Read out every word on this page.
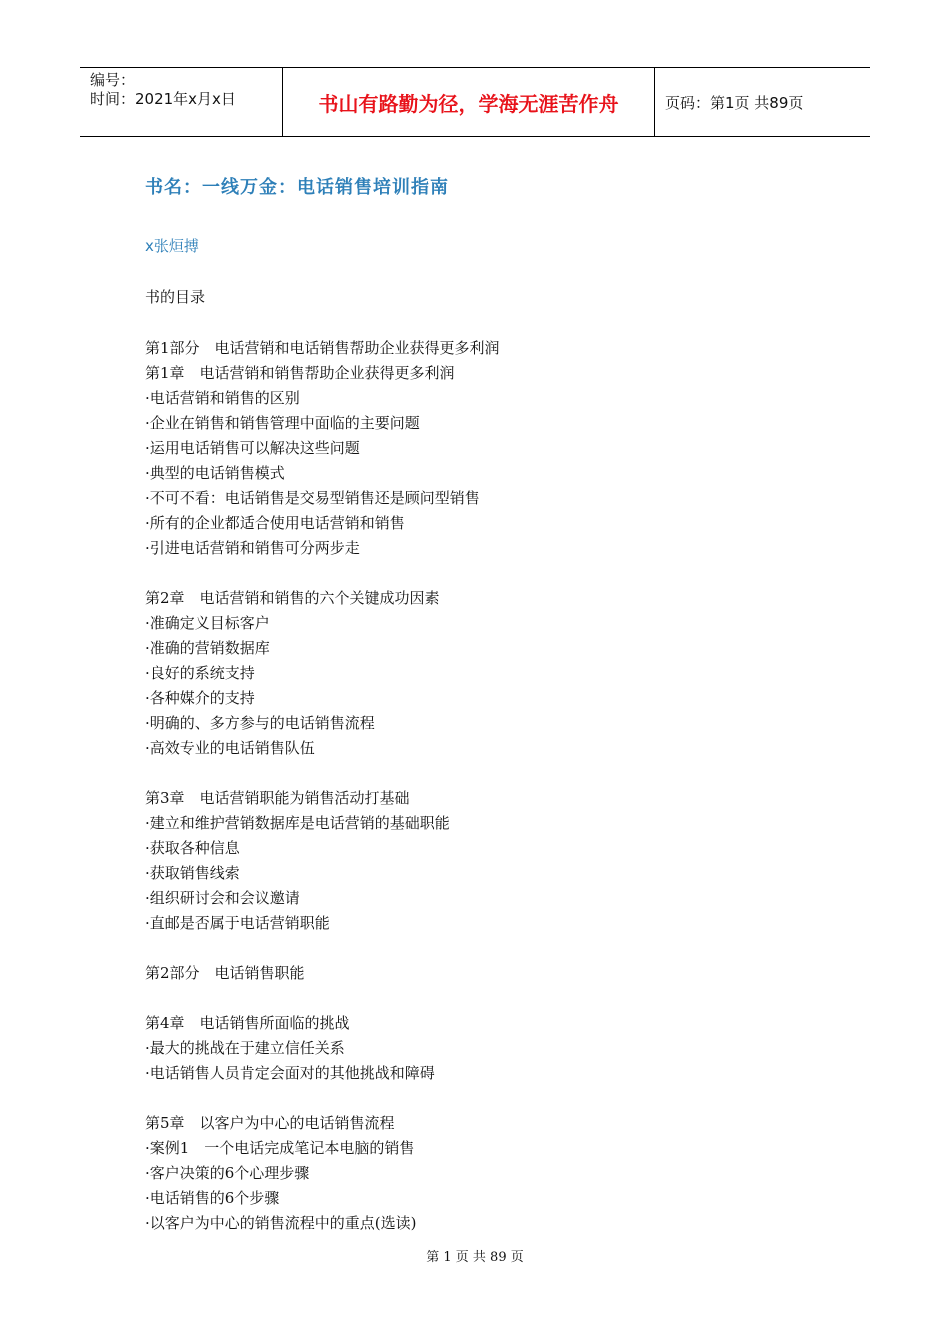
编号：
时间：2021年x月x日	书山有路勤为径，学海无涯苦作舟	页码：第1页 共89页
书名：一线万金：电话销售培训指南
x张烜搏
书的目录
第1部分　电话营销和电话销售帮助企业获得更多利润
第1章　电话营销和销售帮助企业获得更多利润
·电话营销和销售的区别
·企业在销售和销售管理中面临的主要问题
·运用电话销售可以解决这些问题
·典型的电话销售模式
·不可不看：电话销售是交易型销售还是顾问型销售
·所有的企业都适合使用电话营销和销售
·引进电话营销和销售可分两步走
第2章　电话营销和销售的六个关键成功因素
·准确定义目标客户
·准确的营销数据库
·良好的系统支持
·各种媒介的支持
·明确的、多方参与的电话销售流程
·高效专业的电话销售队伍
第3章　电话营销职能为销售活动打基础
·建立和维护营销数据库是电话营销的基础职能
·获取各种信息
·获取销售线索
·组织研讨会和会议邀请
·直邮是否属于电话营销职能
第2部分　电话销售职能
第4章　电话销售所面临的挑战
·最大的挑战在于建立信任关系
·电话销售人员肯定会面对的其他挑战和障碍
第5章　以客户为中心的电话销售流程
·案例1　一个电话完成笔记本电脑的销售
·客户决策的6个心理步骤
·电话销售的6个步骤
·以客户为中心的销售流程中的重点(选读)
第 1 页 共 89 页
